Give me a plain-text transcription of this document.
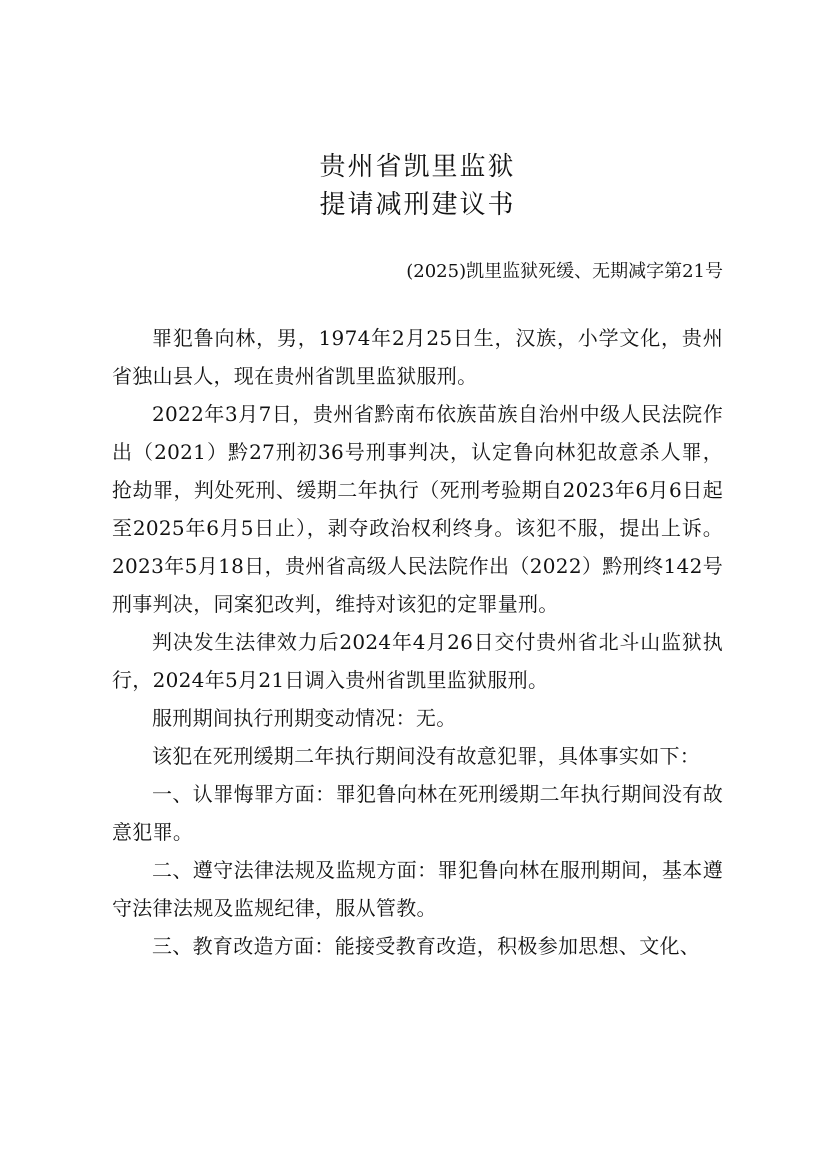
贵州省凯里监狱
提请减刑建议书
(2025)凯里监狱死缓、无期减字第21号

罪犯鲁向林，男，1974年2月25日生，汉族，小学文化，贵州省独山县人，现在贵州省凯里监狱服刑。

2022年3月7日，贵州省黔南布依族苗族自治州中级人民法院作出（2021）黔27刑初36号刑事判决，认定鲁向林犯故意杀人罪，抢劫罪，判处死刑、缓期二年执行（死刑考验期自2023年6月6日起至2025年6月5日止），剥夺政治权利终身。该犯不服，提出上诉。2023年5月18日，贵州省高级人民法院作出（2022）黔刑终142号刑事判决，同案犯改判，维持对该犯的定罪量刑。

判决发生法律效力后2024年4月26日交付贵州省北斗山监狱执行，2024年5月21日调入贵州省凯里监狱服刑。

服刑期间执行刑期变动情况：无。

该犯在死刑缓期二年执行期间没有故意犯罪，具体事实如下：

一、认罪悔罪方面：罪犯鲁向林在死刑缓期二年执行期间没有故意犯罪。

二、遵守法律法规及监规方面：罪犯鲁向林在服刑期间，基本遵守法律法规及监规纪律，服从管教。

三、教育改造方面：能接受教育改造，积极参加思想、文化、
